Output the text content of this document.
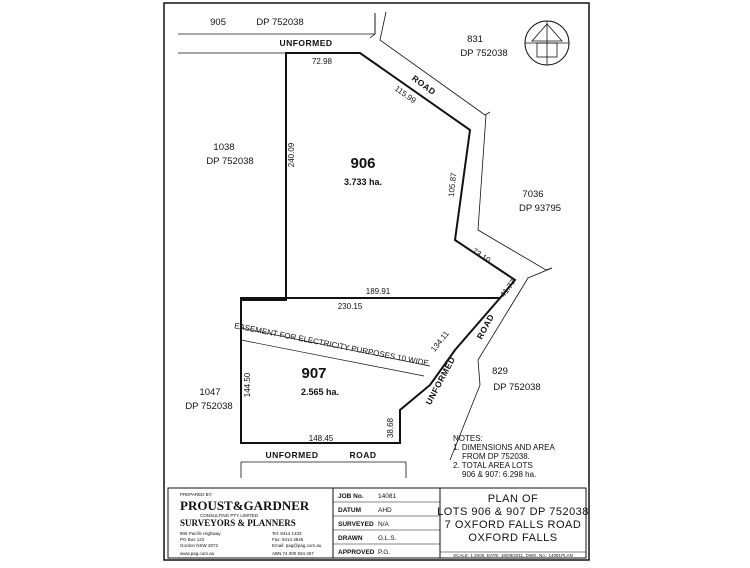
905	DP 752038
831
DP 752038
1038
DP 752038
7036
DP 93795
829
DP 752038
1047
DP 752038
UNFORMED
ROAD
ROAD
UNFORMED
UNFORMED	ROAD
906
3.733 ha.
907
2.565 ha.
72.98
115.99
240.09
105.87
73.10
41.77
189.91
230.15
134.11
144.50
38.68
148.45
EASEMENT FOR ELECTRICITY PURPOSES 10 WIDE
NOTES:
1. DIMENSIONS AND AREA
FROM DP 752038.
2. TOTAL AREA LOTS
906 & 907: 6.298 ha.
PREPARED BY:
PROUST&GARDNER
CONSULTING PTY LIMITED
SURVEYORS & PLANNERS
906 Pacific Highway
PO Box 122
Gordon NSW 2072
Tel: 9414 1333
Fax: 9414 3846
Email: pag@pag.com.au
www.pag.com.au	ABN 74 000 934 467
JOB No. 14081
DATUM	AHD
SURVEYED N/A
DRAWN G.L.S.
APPROVED P.G.
PLAN OF
LOTS 906 & 907 DP 752038
7 OXFORD FALLS ROAD
OXFORD FALLS
SCALE: 1:2000, DATE: 18/09/2011, DWG. No.: 14081PLAN
